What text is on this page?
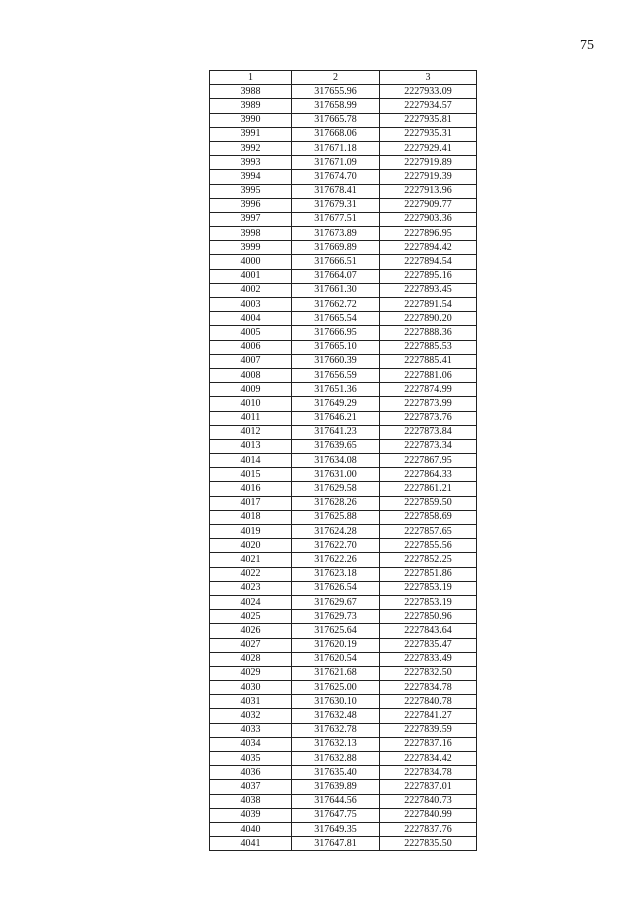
75
1	2	3
3988	317655.96	2227933.09
3989	317658.99	2227934.57
3990	317665.78	2227935.81
3991	317668.06	2227935.31
3992	317671.18	2227929.41
3993	317671.09	2227919.89
3994	317674.70	2227919.39
3995	317678.41	2227913.96
3996	317679.31	2227909.77
3997	317677.51	2227903.36
3998	317673.89	2227896.95
3999	317669.89	2227894.42
4000	317666.51	2227894.54
4001	317664.07	2227895.16
4002	317661.30	2227893.45
4003	317662.72	2227891.54
4004	317665.54	2227890.20
4005	317666.95	2227888.36
4006	317665.10	2227885.53
4007	317660.39	2227885.41
4008	317656.59	2227881.06
4009	317651.36	2227874.99
4010	317649.29	2227873.99
4011	317646.21	2227873.76
4012	317641.23	2227873.84
4013	317639.65	2227873.34
4014	317634.08	2227867.95
4015	317631.00	2227864.33
4016	317629.58	2227861.21
4017	317628.26	2227859.50
4018	317625.88	2227858.69
4019	317624.28	2227857.65
4020	317622.70	2227855.56
4021	317622.26	2227852.25
4022	317623.18	2227851.86
4023	317626.54	2227853.19
4024	317629.67	2227853.19
4025	317629.73	2227850.96
4026	317625.64	2227843.64
4027	317620.19	2227835.47
4028	317620.54	2227833.49
4029	317621.68	2227832.50
4030	317625.00	2227834.78
4031	317630.10	2227840.78
4032	317632.48	2227841.27
4033	317632.78	2227839.59
4034	317632.13	2227837.16
4035	317632.88	2227834.42
4036	317635.40	2227834.78
4037	317639.89	2227837.01
4038	317644.56	2227840.73
4039	317647.75	2227840.99
4040	317649.35	2227837.76
4041	317647.81	2227835.50
